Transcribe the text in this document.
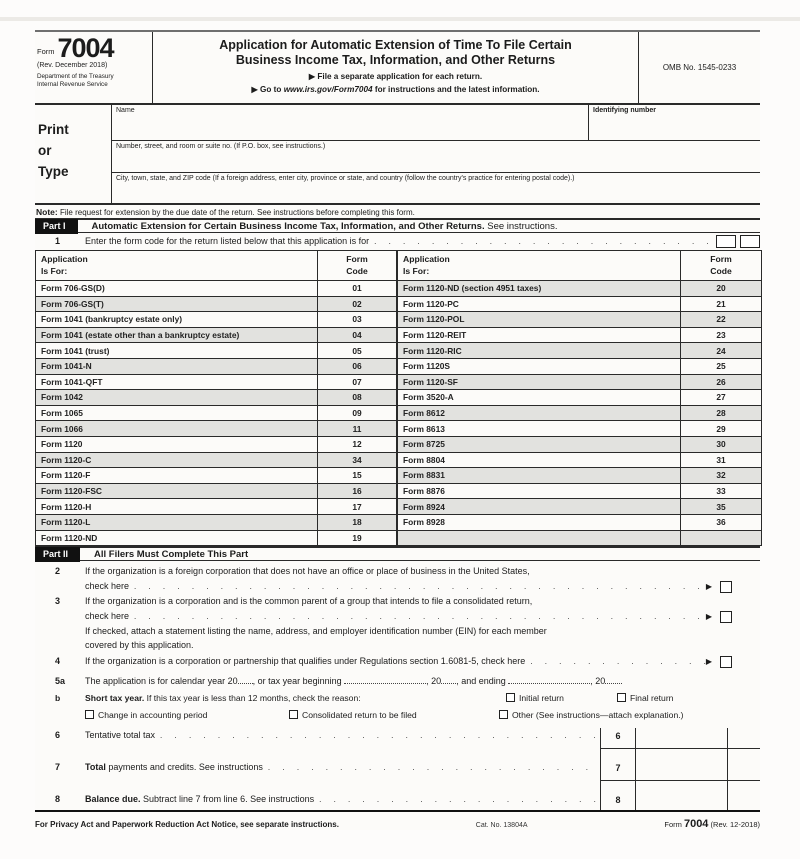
Form 7004
(Rev. December 2018)
Department of the Treasury
Internal Revenue Service
Application for Automatic Extension of Time To File Certain
Business Income Tax, Information, and Other Returns
▶ File a separate application for each return.
▶ Go to www.irs.gov/Form7004 for instructions and the latest information.
OMB No. 1545-0233
Print
or
Type
Name	Identifying number
Number, street, and room or suite no. (If P.O. box, see instructions.)
City, town, state, and ZIP code (If a foreign address, enter city, province or state, and country (follow the country's practice for entering postal code).)
Note: File request for extension by the due date of the return. See instructions before completing this form.
Part I	Automatic Extension for Certain Business Income Tax, Information, and Other Returns. See instructions.
1	Enter the form code for the return listed below that this application is for
. . .
Application
Is For:	Form
Code
Form 706-GS(D)	01
Form 706-GS(T)	02
Form 1041 (bankruptcy estate only)	03
Form 1041 (estate other than a bankruptcy estate)	04
Form 1041 (trust)	05
Form 1041-N	06
Form 1041-QFT	07
Form 1042	08
Form 1065	09
Form 1066	11
Form 1120	12
Form 1120-C	34
Form 1120-F	15
Form 1120-FSC	16
Form 1120-H	17
Form 1120-L	18
Form 1120-ND	19
Application
Is For:	Form
Code
Form 1120-ND (section 4951 taxes)	20
Form 1120-PC	21
Form 1120-POL	22
Form 1120-REIT	23
Form 1120-RIC	24
Form 1120S	25
Form 1120-SF	26
Form 3520-A	27
Form 8612	28
Form 8613	29
Form 8725	30
Form 8804	31
Form 8831	32
Form 8876	33
Form 8924	35
Form 8928	36

Part II	All Filers Must Complete This Part
2	If the organization is a foreign corporation that does not have an office or place of business in the United States,
check here . . .	▶
3	If the organization is a corporation and is the common parent of a group that intends to file a consolidated return,
check here . . .	▶
If checked, attach a statement listing the name, address, and employer identification number (EIN) for each member
covered by this application.
4	If the organization is a corporation or partnership that qualifies under Regulations section 1.6081-5, check here . . .	▶
5a	The application is for calendar year 20 , or tax year beginning	, 20 , and ending	, 20 .
b	Short tax year. If this tax year is less than 12 months, check the reason:	Initial return	Final return
Change in accounting period	Consolidated return to be filed	Other (See instructions—attach explanation.)
6	Tentative total tax
. . .
7	Total payments and credits. See instructions
. . .
8	Balance due. Subtract line 7 from line 6. See instructions
. . .
6
7
8
For Privacy Act and Paperwork Reduction Act Notice, see separate instructions.	Cat. No. 13804A	Form 7004 (Rev. 12-2018)
